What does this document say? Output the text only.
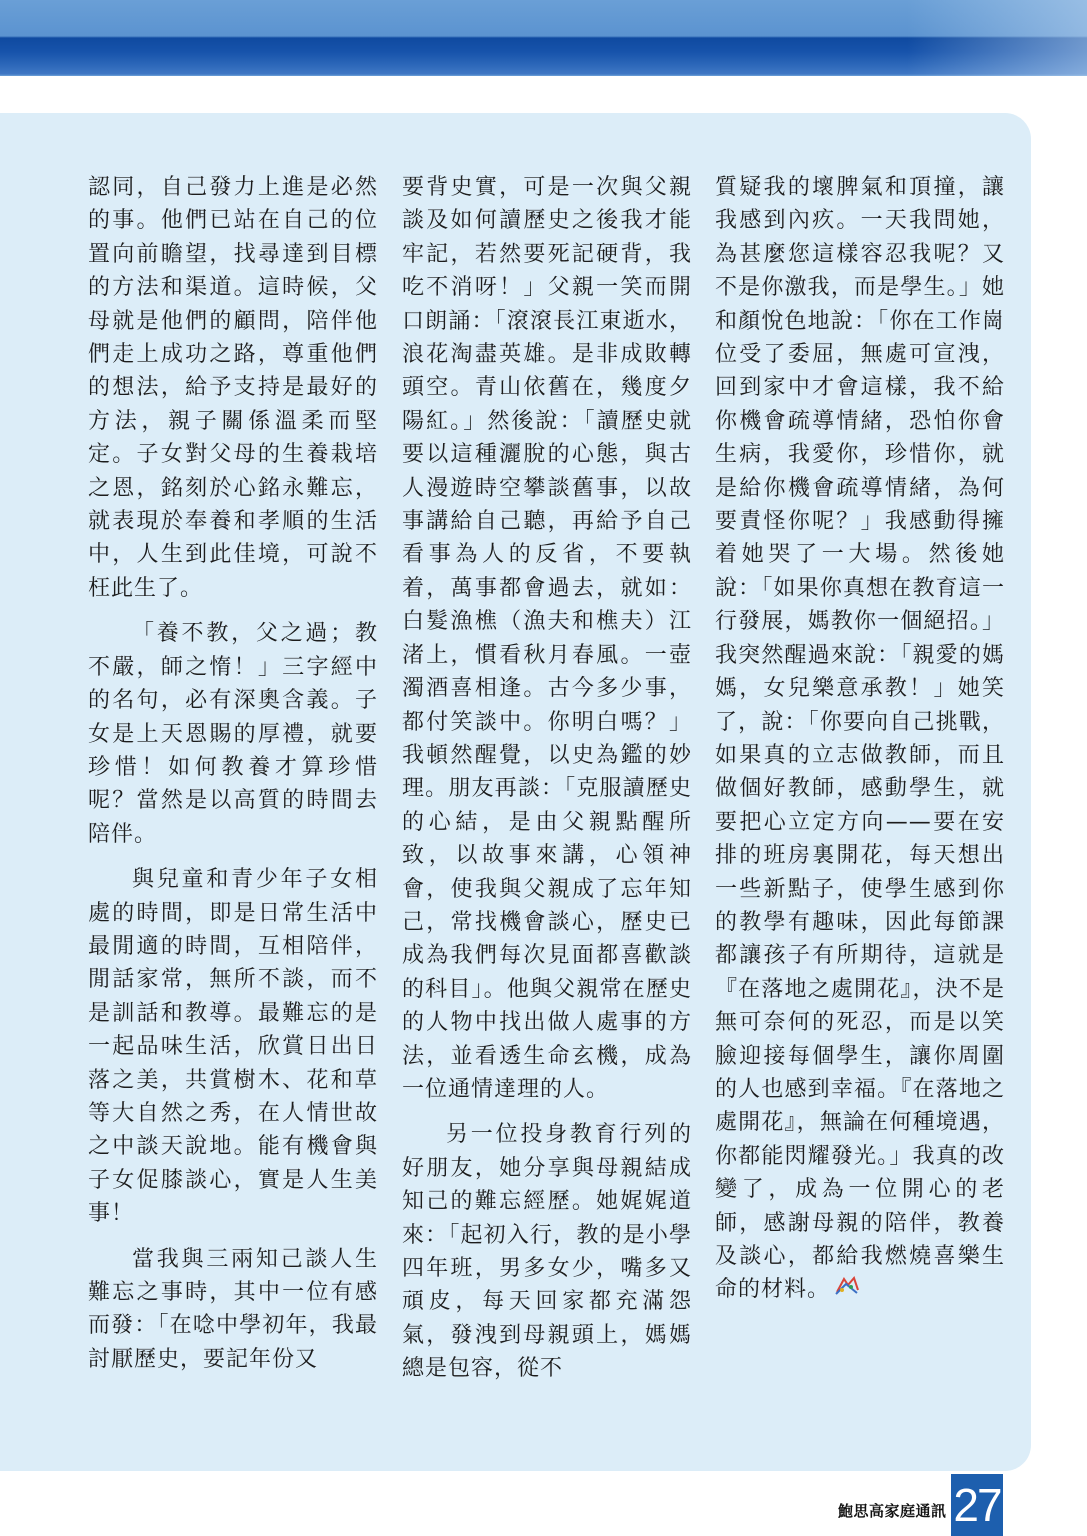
認同，自己發力上進是必然的事。他們已站在自己的位置向前瞻望，找尋達到目標的方法和渠道。這時候，父母就是他們的顧問，陪伴他們走上成功之路，尊重他們的想法，給予支持是最好的方法，親子關係溫柔而堅定。子女對父母的生養栽培之恩，銘刻於心銘永難忘，就表現於奉養和孝順的生活中，人生到此佳境，可說不枉此生了。

「養不教，父之過；教不嚴，師之惰！」三字經中的名句，必有深奧含義。子女是上天恩賜的厚禮，就要珍惜！如何教養才算珍惜呢？當然是以高質的時間去陪伴。

與兒童和青少年子女相處的時間，即是日常生活中最閒適的時間，互相陪伴，閒話家常，無所不談，而不是訓話和教導。最難忘的是一起品味生活，欣賞日出日落之美，共賞樹木、花和草等大自然之秀，在人情世故之中談天說地。能有機會與子女促膝談心，實是人生美事！

當我與三兩知己談人生難忘之事時，其中一位有感而發：「在唸中學初年，我最討厭歷史，要記年份又

要背史實，可是一次與父親談及如何讀歷史之後我才能牢記，若然要死記硬背，我吃不消呀！」父親一笑而開口朗誦：「滾滾長江東逝水，浪花淘盡英雄。是非成敗轉頭空。青山依舊在，幾度夕陽紅。」然後說：「讀歷史就要以這種灑脫的心態，與古人漫遊時空攀談舊事，以故事講給自己聽，再給予自己看事為人的反省，不要執着，萬事都會過去，就如：白髮漁樵（漁夫和樵夫）江渚上，慣看秋月春風。一壺濁酒喜相逢。古今多少事，都付笑談中。你明白嗎？」我頓然醒覺，以史為鑑的妙理。朋友再談：「克服讀歷史的心結，是由父親點醒所致，以故事來講，心領神會，使我與父親成了忘年知己，常找機會談心，歷史已成為我們每次見面都喜歡談的科目」。他與父親常在歷史的人物中找出做人處事的方法，並看透生命玄機，成為一位通情達理的人。

另一位投身教育行列的好朋友，她分享與母親結成知己的難忘經歷。她娓娓道來：「起初入行，教的是小學四年班，男多女少，嘴多又頑皮，每天回家都充滿怨氣，發洩到母親頭上，媽媽總是包容，從不

質疑我的壞脾氣和頂撞，讓我感到內疚。一天我問她，為甚麼您這樣容忍我呢？又不是你激我，而是學生。」她和顏悅色地說：「你在工作崗位受了委屈，無處可宣洩，回到家中才會這樣，我不給你機會疏導情緒，恐怕你會生病，我愛你，珍惜你，就是給你機會疏導情緒，為何要責怪你呢？」我感動得擁着她哭了一大場。然後她說：「如果你真想在教育這一行發展，媽教你一個絕招。」我突然醒過來說：「親愛的媽媽，女兒樂意承教！」她笑了，說：「你要向自己挑戰，如果真的立志做教師，而且做個好教師，感動學生，就要把心立定方向——要在安排的班房裏開花，每天想出一些新點子，使學生感到你的教學有趣味，因此每節課都讓孩子有所期待，這就是『在落地之處開花』，決不是無可奈何的死忍，而是以笑臉迎接每個學生，讓你周圍的人也感到幸福。『在落地之處開花』，無論在何種境遇，你都能閃耀發光。」我真的改變了，成為一位開心的老師，感謝母親的陪伴，教養及談心，都給我燃燒喜樂生命的材料。

鮑思高家庭通訊 27
